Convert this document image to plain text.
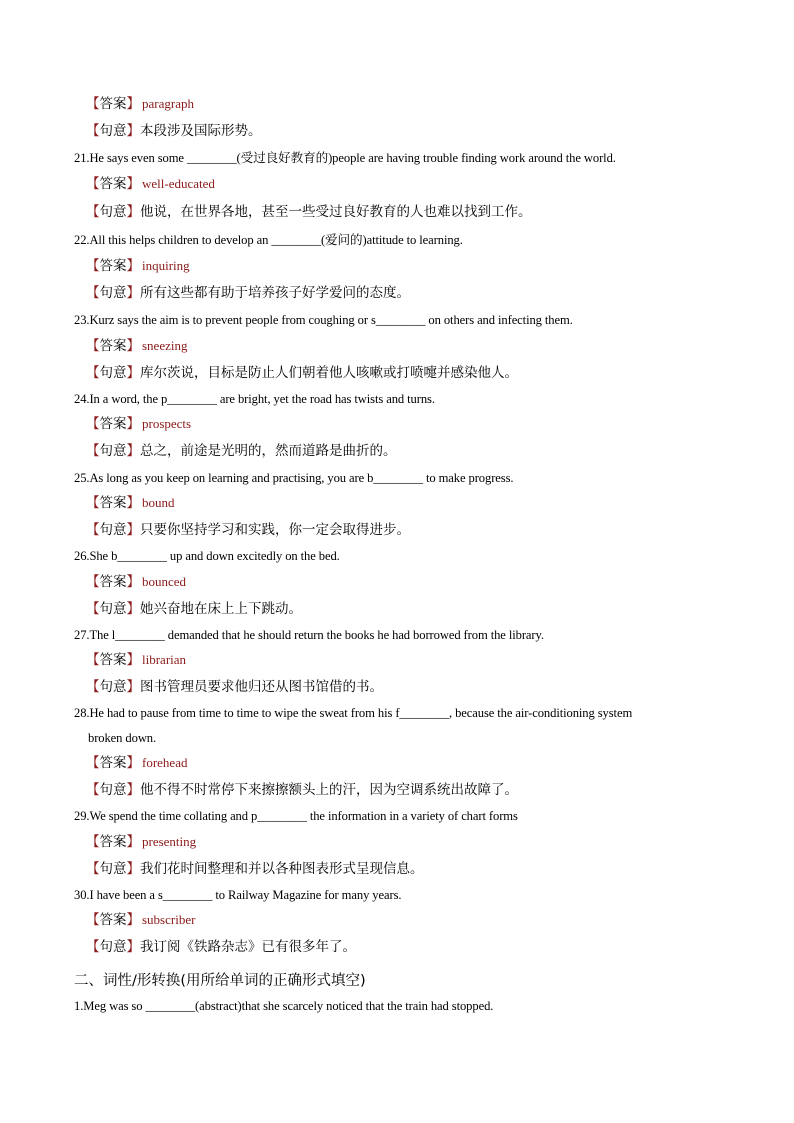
【答案】 paragraph
【句意】本段涉及国际形势。
21.He says even some ________(受过良好教育的)people are having trouble finding work around the world.
【答案】 well-educated
【句意】他说，在世界各地，甚至一些受过良好教育的人也难以找到工作。
22.All this helps children to develop an ________(爱问的)attitude to learning.
【答案】 inquiring
【句意】所有这些都有助于培养孩子好学爱问的态度。
23.Kurz says the aim is to prevent people from coughing or s________ on others and infecting them.
【答案】 sneezing
【句意】库尔茨说，目标是防止人们朝着他人咳嗽或打喷嚏并感染他人。
24.In a word, the p________ are bright, yet the road has twists and turns.
【答案】 prospects
【句意】总之，前途是光明的，然而道路是曲折的。
25.As long as you keep on learning and practising, you are b________ to make progress.
【答案】 bound
【句意】只要你坚持学习和实践，你一定会取得进步。
26.She b________ up and down excitedly on the bed.
【答案】 bounced
【句意】她兴奋地在床上上下跳动。
27.The l________ demanded that he should return the books he had borrowed from the library.
【答案】 librarian
【句意】图书管理员要求他归还从图书馆借的书。
28.He had to pause from time to time to wipe the sweat from his f________, because the air-conditioning system
broken down.
【答案】 forehead
【句意】他不得不时常停下来擦擦额头上的汗，因为空调系统出故障了。
29.We spend the time collating and p________ the information in a variety of chart forms
【答案】 presenting
【句意】我们花时间整理和并以各种图表形式呈现信息。
30.I have been a s________ to Railway Magazine for many years.
【答案】 subscriber
【句意】我订阅《铁路杂志》已有很多年了。
二、词性/形转换(用所给单词的正确形式填空)
1.Meg was so ________(abstract)that she scarcely noticed that the train had stopped.
